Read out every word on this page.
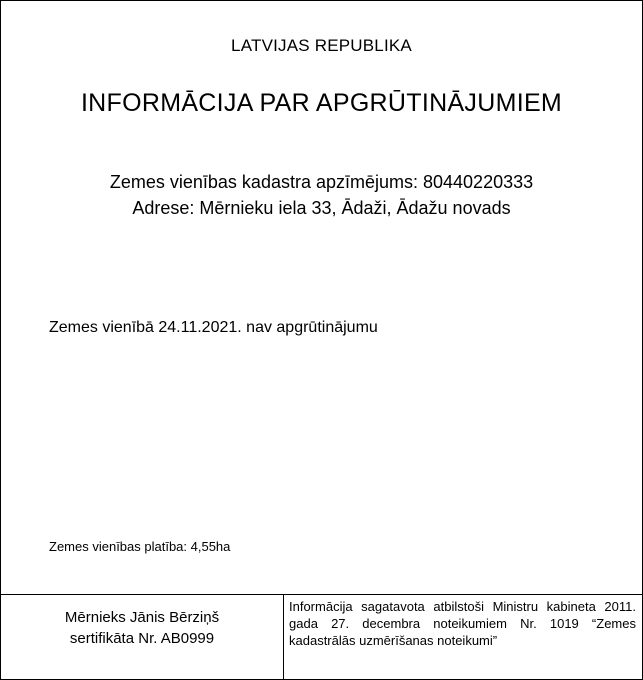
LATVIJAS REPUBLIKA
INFORMĀCIJA PAR APGRŪTINĀJUMIEM
Zemes vienības kadastra apzīmējums: 80440220333
Adrese: Mērnieku iela 33, Ādaži, Ādažu novads
Zemes vienībā 24.11.2021. nav apgrūtinājumu
Zemes vienības platība: 4,55ha
Mērnieks Jānis Bērziņš
sertifikāta Nr. AB0999
Informācija sagatavota atbilstoši Ministru kabineta 2011. gada 27. decembra noteikumiem Nr. 1019 “Zemes kadastrālās uzmērīšanas noteikumi”
